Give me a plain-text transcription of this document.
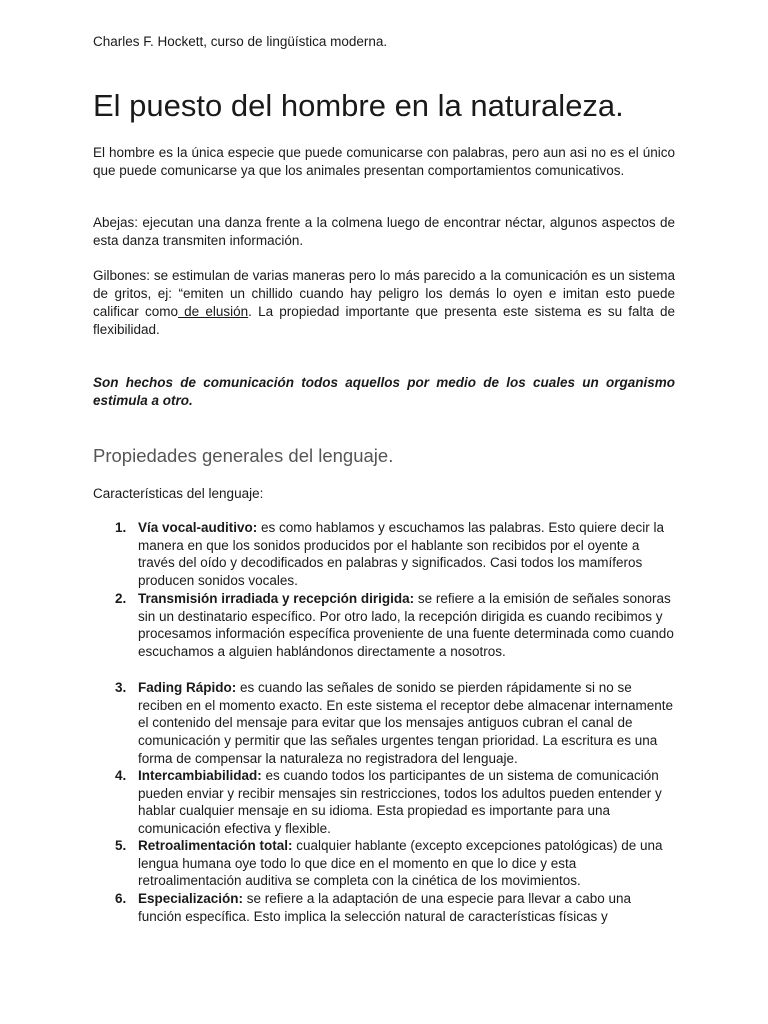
Charles F. Hockett, curso de lingüística moderna.
El puesto del hombre en la naturaleza.

El hombre es la única especie que puede comunicarse con palabras, pero aun asi no es el único que puede comunicarse ya que los animales presentan comportamientos comunicativos.

Abejas: ejecutan una danza frente a la colmena luego de encontrar néctar, algunos aspectos de esta danza transmiten información.

Gilbones: se estimulan de varias maneras pero lo más parecido a la comunicación es un sistema de gritos, ej: “emiten un chillido cuando hay peligro los demás lo oyen e imitan esto puede calificar como de elusión. La propiedad importante que presenta este sistema es su falta de flexibilidad.

Son hechos de comunicación todos aquellos por medio de los cuales un organismo estimula a otro.

Propiedades generales del lenguaje.
Características del lenguaje:
1. Vía vocal-auditivo: es como hablamos y escuchamos las palabras. Esto quiere decir la manera en que los sonidos producidos por el hablante son recibidos por el oyente a través del oído y decodificados en palabras y significados. Casi todos los mamíferos producen sonidos vocales.
2. Transmisión irradiada y recepción dirigida: se refiere a la emisión de señales sonoras sin un destinatario específico. Por otro lado, la recepción dirigida es cuando recibimos y procesamos información específica proveniente de una fuente determinada como cuando escuchamos a alguien hablándonos directamente a nosotros.
3. Fading Rápido: es cuando las señales de sonido se pierden rápidamente si no se reciben en el momento exacto. En este sistema el receptor debe almacenar internamente el contenido del mensaje para evitar que los mensajes antiguos cubran el canal de comunicación y permitir que las señales urgentes tengan prioridad. La escritura es una forma de compensar la naturaleza no registradora del lenguaje.
4. Intercambiabilidad: es cuando todos los participantes de un sistema de comunicación pueden enviar y recibir mensajes sin restricciones, todos los adultos pueden entender y hablar cualquier mensaje en su idioma. Esta propiedad es importante para una comunicación efectiva y flexible.
5. Retroalimentación total: cualquier hablante (excepto excepciones patológicas) de una lengua humana oye todo lo que dice en el momento en que lo dice y esta retroalimentación auditiva se completa con la cinética de los movimientos.
6. Especialización: se refiere a la adaptación de una especie para llevar a cabo una función específica. Esto implica la selección natural de características físicas y
